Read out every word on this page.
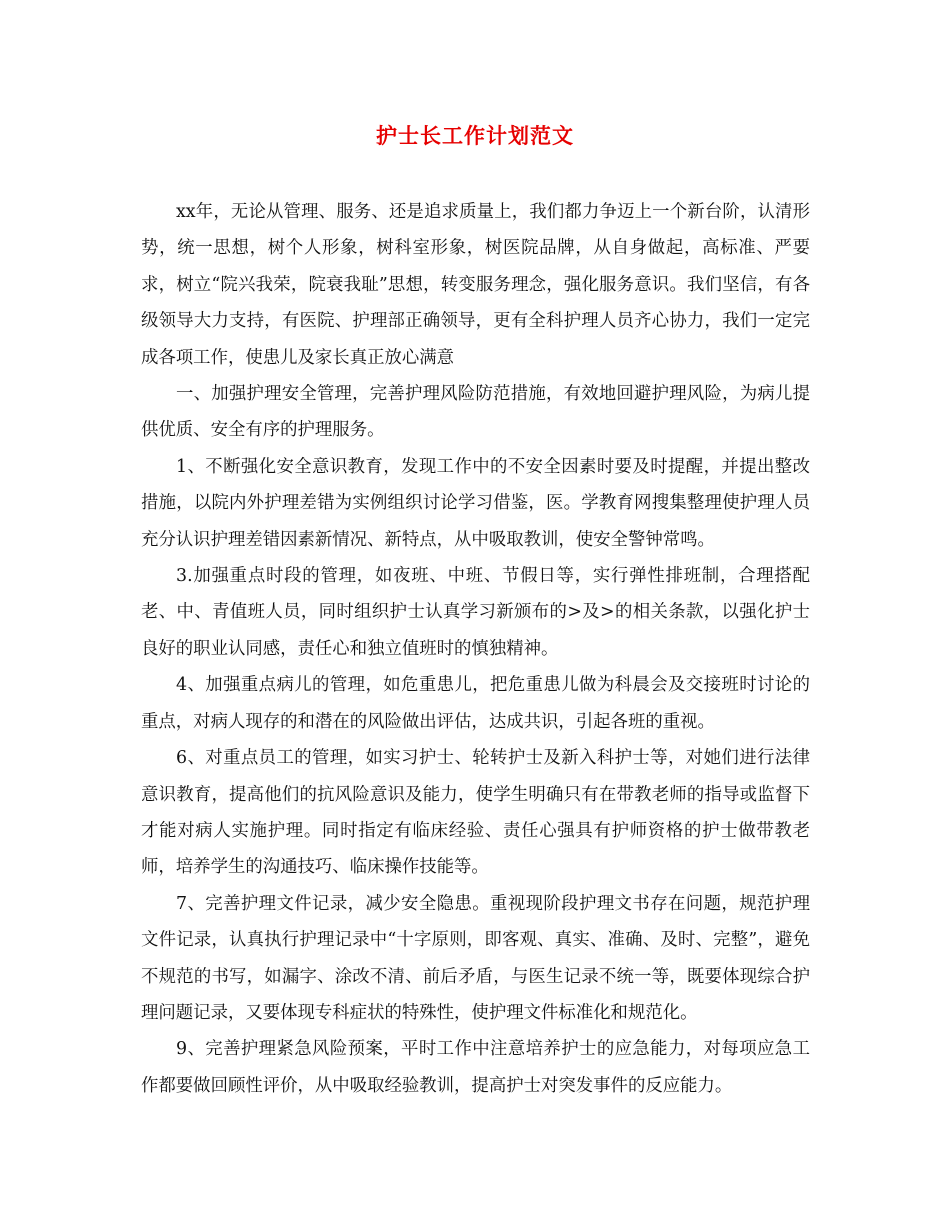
护士长工作计划范文

xx年，无论从管理、服务、还是追求质量上，我们都力争迈上一个新台阶，认清形势，统一思想，树个人形象，树科室形象，树医院品牌，从自身做起，高标准、严要求，树立“院兴我荣，院衰我耻”思想，转变服务理念，强化服务意识。我们坚信，有各级领导大力支持，有医院、护理部正确领导，更有全科护理人员齐心协力，我们一定完成各项工作，使患儿及家长真正放心满意

一、加强护理安全管理，完善护理风险防范措施，有效地回避护理风险，为病儿提供优质、安全有序的护理服务。

1、不断强化安全意识教育，发现工作中的不安全因素时要及时提醒，并提出整改措施，以院内外护理差错为实例组织讨论学习借鉴，医。学教育网搜集整理使护理人员充分认识护理差错因素新情况、新特点，从中吸取教训，使安全警钟常鸣。

3.加强重点时段的管理，如夜班、中班、节假日等，实行弹性排班制，合理搭配老、中、青值班人员，同时组织护士认真学习新颁布的>及>的相关条款，以强化护士良好的职业认同感，责任心和独立值班时的慎独精神。

4、加强重点病儿的管理，如危重患儿，把危重患儿做为科晨会及交接班时讨论的重点，对病人现存的和潜在的风险做出评估，达成共识，引起各班的重视。

6、对重点员工的管理，如实习护士、轮转护士及新入科护士等，对她们进行法律意识教育，提高他们的抗风险意识及能力，使学生明确只有在带教老师的指导或监督下才能对病人实施护理。同时指定有临床经验、责任心强具有护师资格的护士做带教老师，培养学生的沟通技巧、临床操作技能等。

7、完善护理文件记录，减少安全隐患。重视现阶段护理文书存在问题，规范护理文件记录，认真执行护理记录中“十字原则，即客观、真实、准确、及时、完整”，避免不规范的书写，如漏字、涂改不清、前后矛盾，与医生记录不统一等，既要体现综合护理问题记录，又要体现专科症状的特殊性，使护理文件标准化和规范化。

9、完善护理紧急风险预案，平时工作中注意培养护士的应急能力，对每项应急工作都要做回顾性评价，从中吸取经验教训，提高护士对突发事件的反应能力。
